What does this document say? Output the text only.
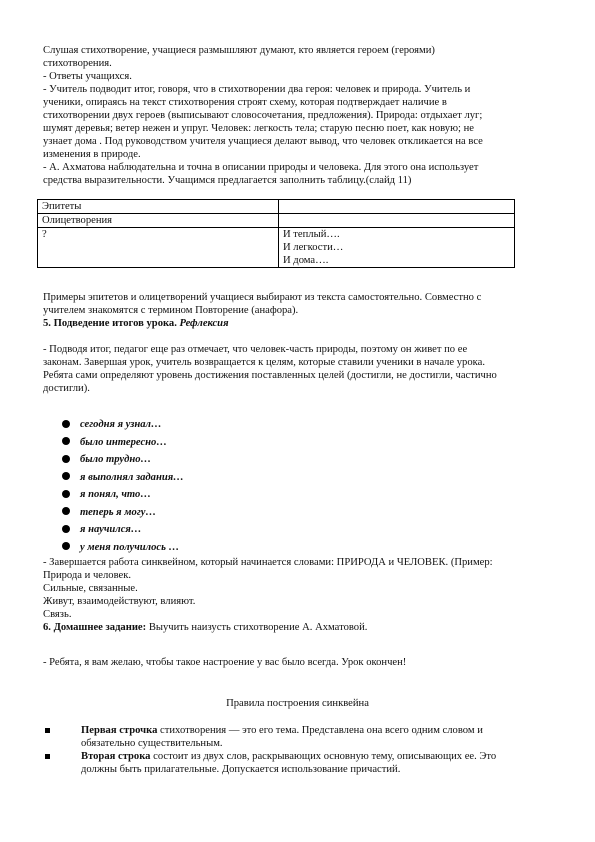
Слушая стихотворение, учащиеся размышляют думают, кто является героем (героями)
стихотворения.
- Ответы учащихся.
- Учитель подводит итог, говоря, что в стихотворении два героя: человек и природа. Учитель и
ученики, опираясь на текст стихотворения строят схему, которая подтверждает наличие в
стихотворении двух героев (выписывают словосочетания, предложения). Природа: отдыхает луг;
шумят деревья; ветер нежен и упруг. Человек: легкость тела; старую песню поет, как новую; не
узнает дома . Под руководством учителя учащиеся делают вывод, что человек откликается на все
изменения в природе.
- А. Ахматова наблюдательна и точна в описании природы и человека. Для этого она использует
средства выразительности. Учащимся предлагается заполнить таблицу.(слайд 11)
Эпитеты	

Олицетворения	

?	И теплый….
И легкости…
И дома….
Примеры эпитетов и олицетворений учащиеся выбирают из текста самостоятельно. Совместно с
учителем знакомятся с термином Повторение (анафора).
5. Подведение итогов урока. Рефлексия
- Подводя итог, педагог еще раз отмечает, что человек-часть природы, поэтому он живет по ее
законам. Завершая урок, учитель возвращается к целям, которые ставили ученики в начале урока.
Ребята сами определяют уровень достижения поставленных целей (достигли, не достигли, частично
достигли).
сегодня я узнал…
было интересно…
было трудно…
я выполнял задания…
я понял, что…
теперь я могу…
я научился…
у меня получилось …
- Завершается работа синквейном, который начинается словами: ПРИРОДА и ЧЕЛОВЕК. (Пример:
Природа и человек.
Сильные, связанные.
Живут, взаимодействуют, влияют.
Связь.
6. Домашнее задание: Выучить наизусть стихотворение А. Ахматовой.
- Ребята, я вам желаю, чтобы такое настроение у вас было всегда. Урок окончен!
Правила построения синквейна
Первая строчка стихотворения — это его тема. Представлена она всего одним словом и
обязательно существительным.
Вторая строка состоит из двух слов, раскрывающих основную тему, описывающих ее. Это
должны быть прилагательные. Допускается использование причастий.
